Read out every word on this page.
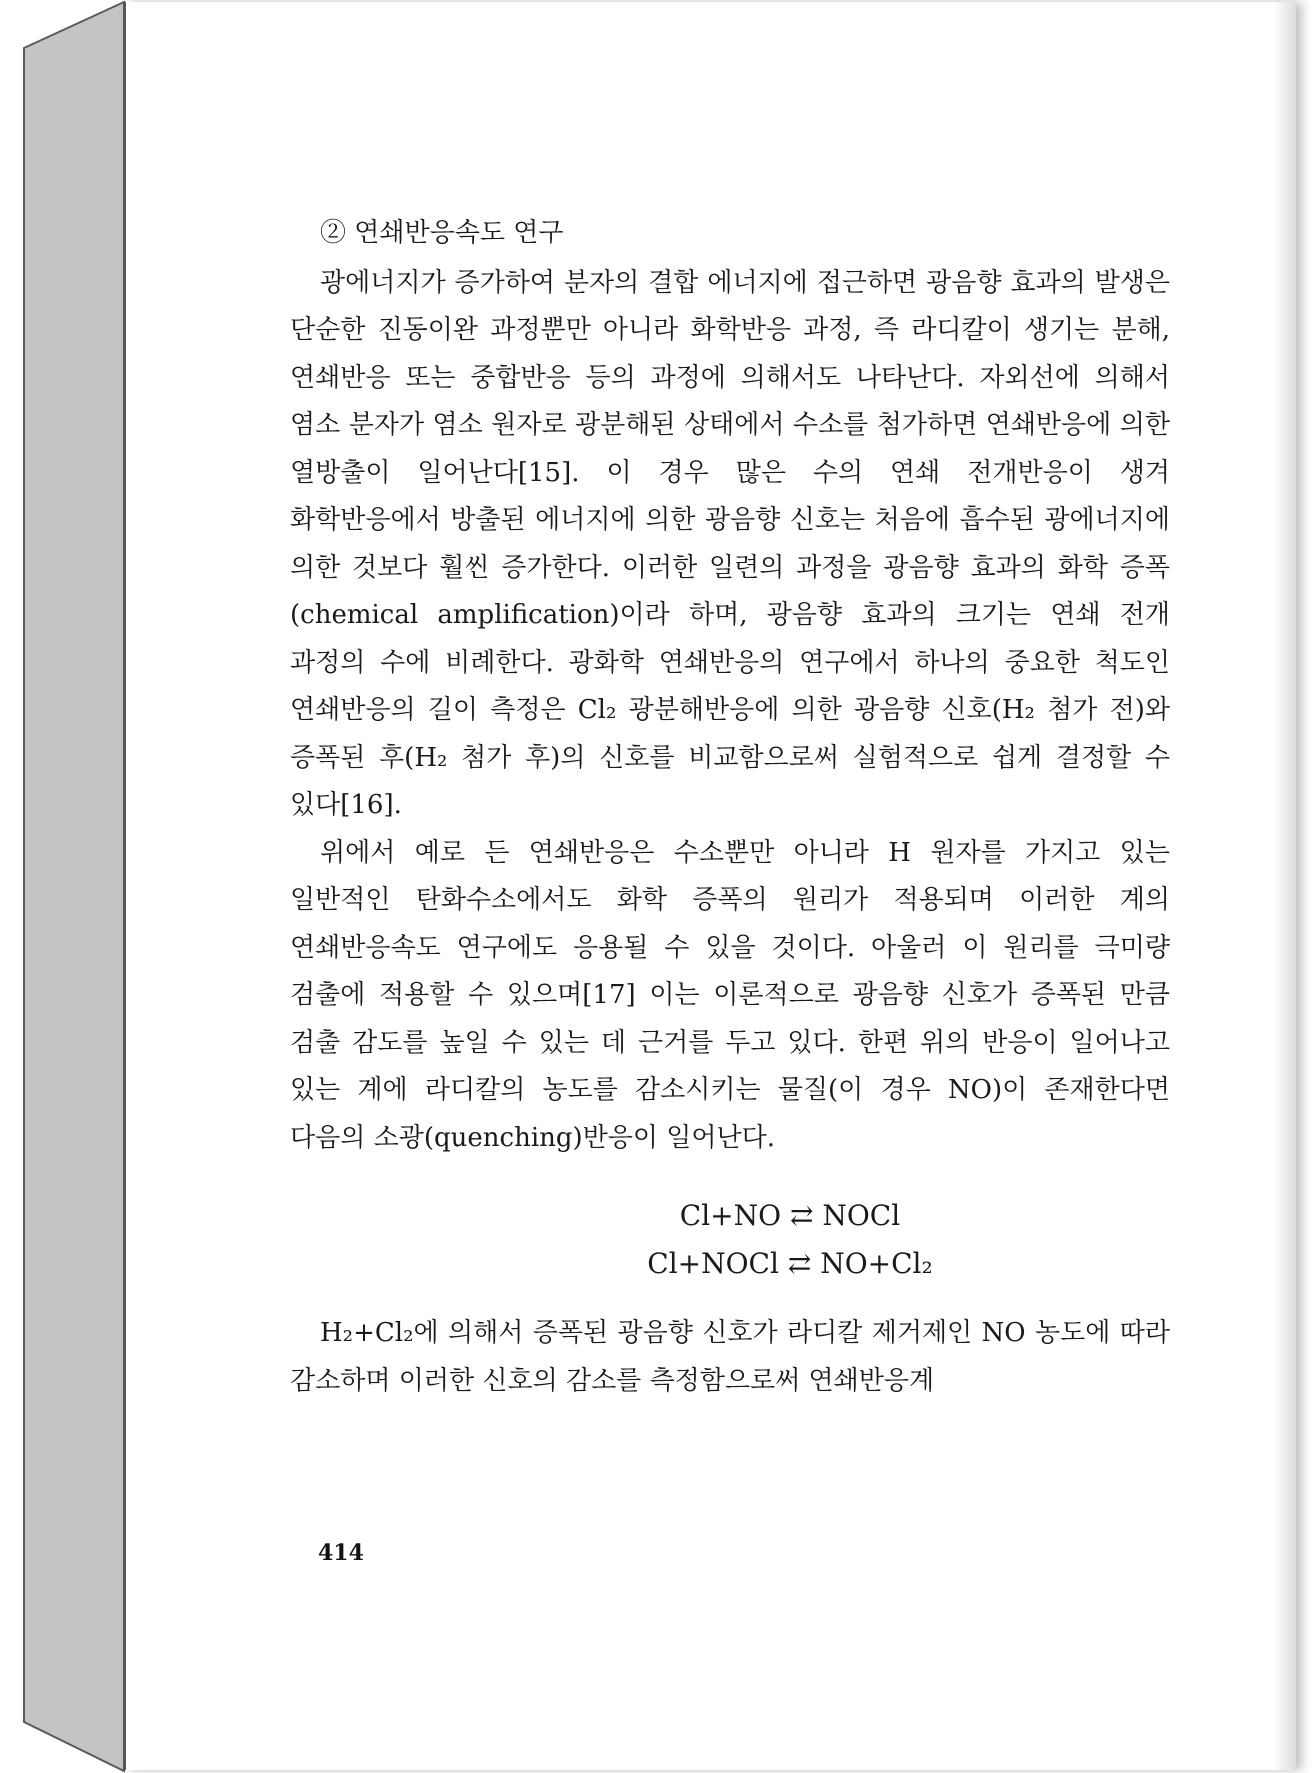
② 연쇄반응속도 연구

광에너지가 증가하여 분자의 결합 에너지에 접근하면 광음향 효과의 발생은 단순한 진동이완 과정뿐만 아니라 화학반응 과정, 즉 라디칼이 생기는 분해, 연쇄반응 또는 중합반응 등의 과정에 의해서도 나타난다. 자외선에 의해서 염소 분자가 염소 원자로 광분해된 상태에서 수소를 첨가하면 연쇄반응에 의한 열방출이 일어난다[15]. 이 경우 많은 수의 연쇄 전개반응이 생겨 화학반응에서 방출된 에너지에 의한 광음향 신호는 처음에 흡수된 광에너지에 의한 것보다 훨씬 증가한다. 이러한 일련의 과정을 광음향 효과의 화학 증폭(chemical amplification)이라 하며, 광음향 효과의 크기는 연쇄 전개 과정의 수에 비례한다. 광화학 연쇄반응의 연구에서 하나의 중요한 척도인 연쇄반응의 길이 측정은 Cl₂ 광분해반응에 의한 광음향 신호(H₂ 첨가 전)와 증폭된 후(H₂ 첨가 후)의 신호를 비교함으로써 실험적으로 쉽게 결정할 수 있다[16].

위에서 예로 든 연쇄반응은 수소뿐만 아니라 H 원자를 가지고 있는 일반적인 탄화수소에서도 화학 증폭의 원리가 적용되며 이러한 계의 연쇄반응속도 연구에도 응용될 수 있을 것이다. 아울러 이 원리를 극미량 검출에 적용할 수 있으며[17] 이는 이론적으로 광음향 신호가 증폭된 만큼 검출 감도를 높일 수 있는 데 근거를 두고 있다. 한편 위의 반응이 일어나고 있는 계에 라디칼의 농도를 감소시키는 물질(이 경우 NO)이 존재한다면 다음의 소광(quenching)반응이 일어난다.

Cl+NO ⇄ NOCl
Cl+NOCl ⇄ NO+Cl₂

H₂+Cl₂에 의해서 증폭된 광음향 신호가 라디칼 제거제인 NO 농도에 따라 감소하며 이러한 신호의 감소를 측정함으로써 연쇄반응계

414
